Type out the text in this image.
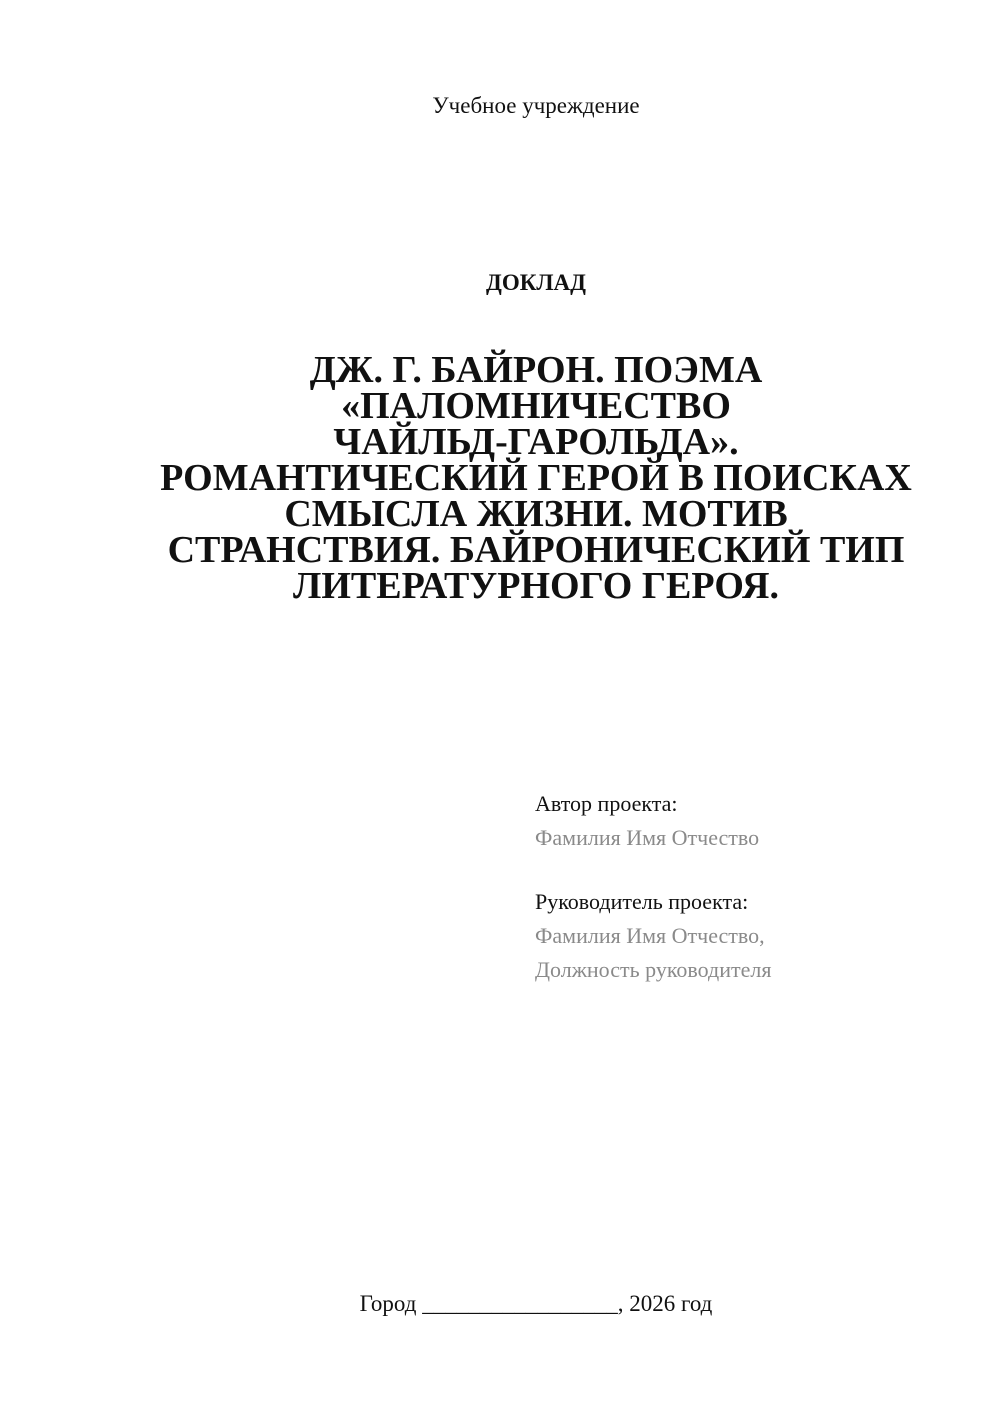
Учебное учреждение
ДОКЛАД
ДЖ. Г. БАЙРОН. ПОЭМА
«ПАЛОМНИЧЕСТВО
ЧАЙЛЬД-ГАРОЛЬДА».
РОМАНТИЧЕСКИЙ ГЕРОЙ В ПОИСКАХ
СМЫСЛА ЖИЗНИ. МОТИВ
СТРАНСТВИЯ. БАЙРОНИЧЕСКИЙ ТИП
ЛИТЕРАТУРНОГО ГЕРОЯ.
Автор проекта:
Фамилия Имя Отчество
Руководитель проекта:
Фамилия Имя Отчество,
Должность руководителя
Город _________________, 2026 год
